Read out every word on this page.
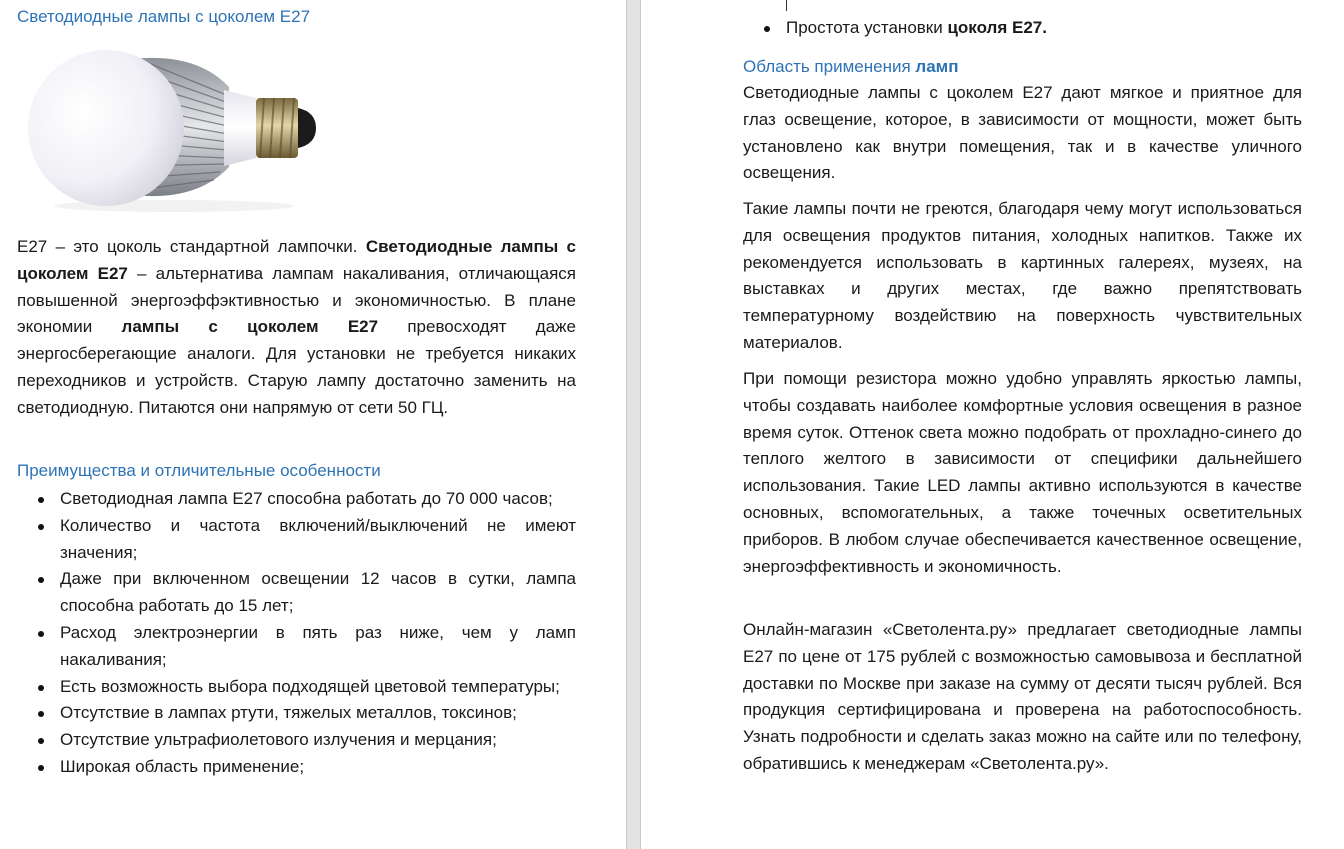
Светодиодные лампы с цоколем Е27

Е27 – это цоколь стандартной лампочки. Светодиодные лампы с цоколем Е27 – альтернатива лампам накаливания, отличающаяся повышенной энергоэффэктивностью и экономичностью. В плане экономии лампы с цоколем Е27 превосходят даже энергосберегающие аналоги. Для установки не требуется никаких переходников и устройств. Старую лампу достаточно заменить на светодиодную. Питаются они напрямую от сети 50 ГЦ.

Преимущества и отличительные особенности
Светодиодная лампа Е27 способна работать до 70 000 часов;
Количество и частота включений/выключений не имеют значения;
Даже при включенном освещении 12 часов в сутки, лампа способна работать до 15 лет;
Расход электроэнергии в пять раз ниже, чем у ламп накаливания;
Есть возможность выбора подходящей цветовой температуры;
Отсутствие в лампах ртути, тяжелых металлов, токсинов;
Отсутствие ультрафиолетового излучения и мерцания;
Широкая область применение;
Простота установки цоколя Е27.
Область применения ламп

Светодиодные лампы с цоколем Е27 дают мягкое и приятное для глаз освещение, которое, в зависимости от мощности, может быть установлено как внутри помещения, так и в качестве уличного освещения.

Такие лампы почти не греются, благодаря чему могут использоваться для освещения продуктов питания, холодных напитков. Также их рекомендуется использовать в картинных галереях, музеях, на выставках и других местах, где важно препятствовать температурному воздействию на поверхность чувствительных материалов.

При помощи резистора можно удобно управлять яркостью лампы, чтобы создавать наиболее комфортные условия освещения в разное время суток. Оттенок света можно подобрать от прохладно-синего до теплого желтого в зависимости от специфики дальнейшего использования. Такие LED лампы активно используются в качестве основных, вспомогательных, а также точечных осветительных приборов. В любом случае обеспечивается качественное освещение, энергоэффективность и экономичность.

Онлайн-магазин «Светолента.ру» предлагает светодиодные лампы Е27 по цене от 175 рублей с возможностью самовывоза и бесплатной доставки по Москве при заказе на сумму от десяти тысяч рублей. Вся продукция сертифицирована и проверена на работоспособность. Узнать подробности и сделать заказ можно на сайте или по телефону, обратившись к менеджерам «Светолента.ру».
